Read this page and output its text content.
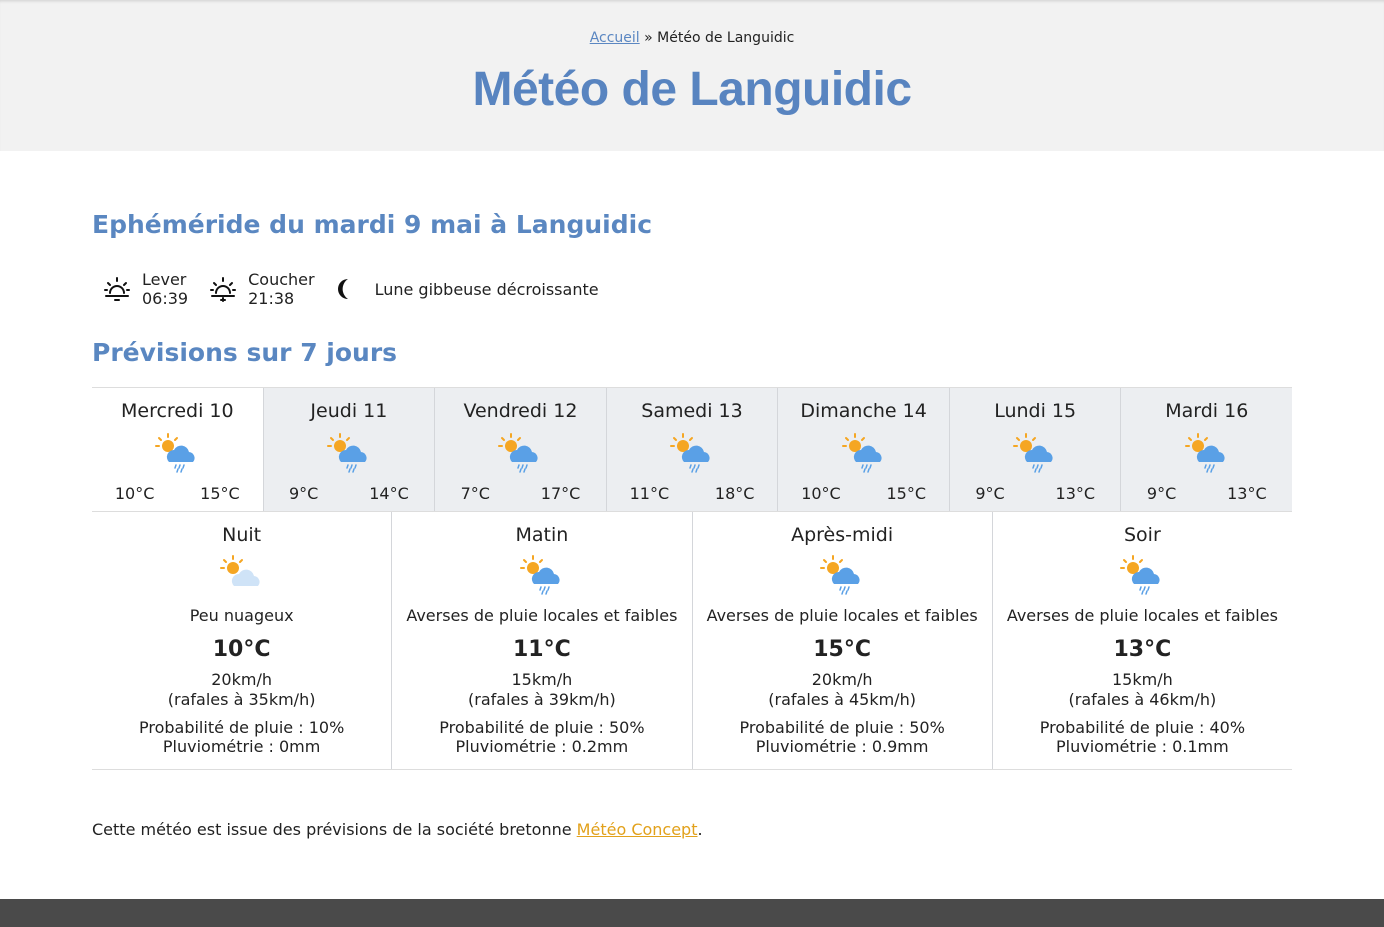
Accueil » Météo de Languidic
Météo de Languidic
Ephéméride du mardi 9 mai à Languidic
Lever
06:39
Coucher
21:38	Lune gibbeuse décroissante
Prévisions sur 7 jours
Mercredi 10
10°C	15°C
Jeudi 11
9°C	14°C
Vendredi 12
7°C	17°C
Samedi 13
11°C	18°C
Dimanche 14
10°C	15°C
Lundi 15
9°C	13°C
Mardi 16
9°C	13°C
Nuit
Peu nuageux
10°C
20km/h
(rafales à 35km/h)
Probabilité de pluie : 10%
Pluviométrie : 0mm
Matin
Averses de pluie locales et faibles
11°C
15km/h
(rafales à 39km/h)
Probabilité de pluie : 50%
Pluviométrie : 0.2mm
Après-midi
Averses de pluie locales et faibles
15°C
20km/h
(rafales à 45km/h)
Probabilité de pluie : 50%
Pluviométrie : 0.9mm
Soir
Averses de pluie locales et faibles
13°C
15km/h
(rafales à 46km/h)
Probabilité de pluie : 40%
Pluviométrie : 0.1mm

Cette météo est issue des prévisions de la société bretonne Météo Concept.
